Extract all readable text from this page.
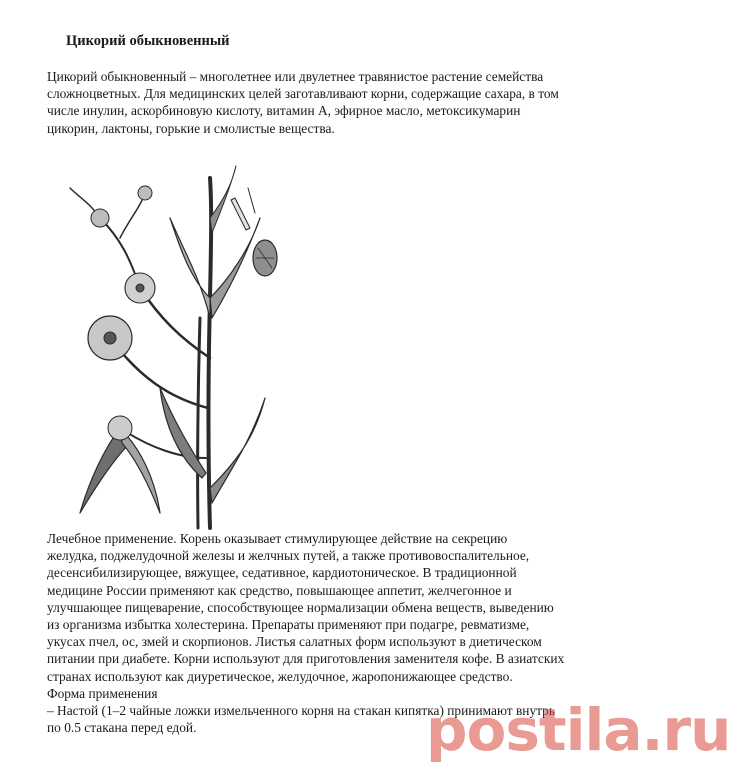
Цикорий обыкновенный
Цикорий обыкновенный – многолетнее или двулетнее травянистое растение семейства
сложноцветных. Для медицинских целей заготавливают корни, содержащие сахара, в том
числе инулин, аскорбиновую кислоту, витамин А, эфирное масло, метоксикумарин
цикорин, лактоны, горькие и смолистые вещества.
Лечебное применение. Корень оказывает стимулирующее действие на секрецию
желудка, поджелудочной железы и желчных путей, а также противовоспалительное,
десенсибилизирующее, вяжущее, седативное, кардиотоническое. В традиционной
медицине России применяют как средство, повышающее аппетит, желчегонное и
улучшающее пищеварение, способствующее нормализации обмена веществ, выведению
из организма избытка холестерина. Препараты применяют при подагре, ревматизме,
укусах пчел, ос, змей и скорпионов. Листья салатных форм используют в диетическом
питании при диабете. Корни используют для приготовления заменителя кофе. В азиатских
странах используют как диуретическое, желудочное, жаропонижающее средство.
Форма применения
– Настой (1–2 чайные ложки измельченного корня на стакан кипятка) принимают внутрь
по 0.5 стакана перед едой.	postila.ru
